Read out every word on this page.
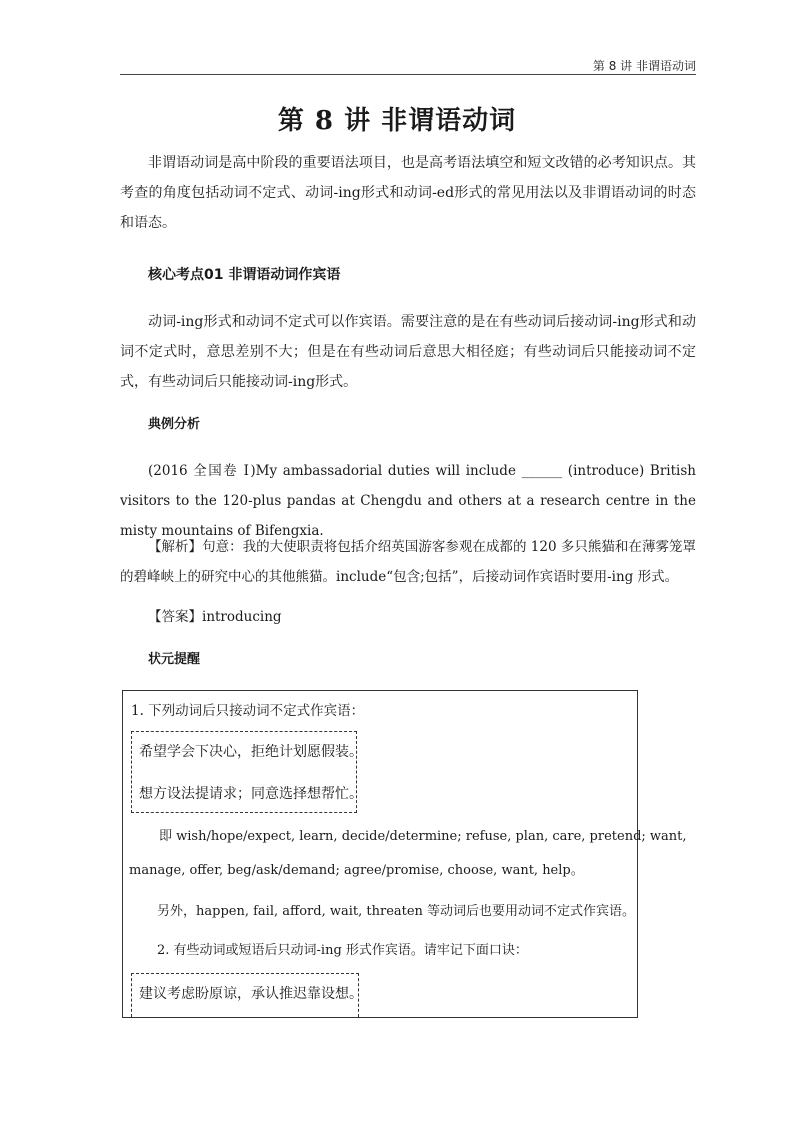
第 8 讲 非谓语动词
第 8 讲 非谓语动词
非谓语动词是高中阶段的重要语法项目，也是高考语法填空和短文改错的必考知识点。其考查的角度包括动词不定式、动词-ing形式和动词-ed形式的常见用法以及非谓语动词的时态和语态。
核心考点01 非谓语动词作宾语
动词-ing形式和动词不定式可以作宾语。需要注意的是在有些动词后接动词-ing形式和动词不定式时，意思差别不大；但是在有些动词后意思大相径庭；有些动词后只能接动词不定式，有些动词后只能接动词-ing形式。
典例分析
(2016 全国卷 Ⅰ)My ambassadorial duties will include ______ (introduce) British visitors to the 120-plus pandas at Chengdu and others at a research centre in the misty mountains of Bifengxia.
【解析】句意：我的大使职责将包括介绍英国游客参观在成都的 120 多只熊猫和在薄雾笼罩的碧峰峡上的研究中心的其他熊猫。include“包含;包括”，后接动词作宾语时要用-ing 形式。
【答案】introducing
状元提醒
1. 下列动词后只接动词不定式作宾语：
希望学会下决心，拒绝计划愿假装。
想方设法提请求；同意选择想帮忙。
即 wish/hope/expect, learn, decide/determine; refuse, plan, care, pretend; want,
manage, offer, beg/ask/demand; agree/promise, choose, want, help。
另外，happen, fail, afford, wait, threaten 等动词后也要用动词不定式作宾语。
2. 有些动词或短语后只动词-ing 形式作宾语。请牢记下面口诀：
建议考虑盼原谅，承认推迟靠设想。
